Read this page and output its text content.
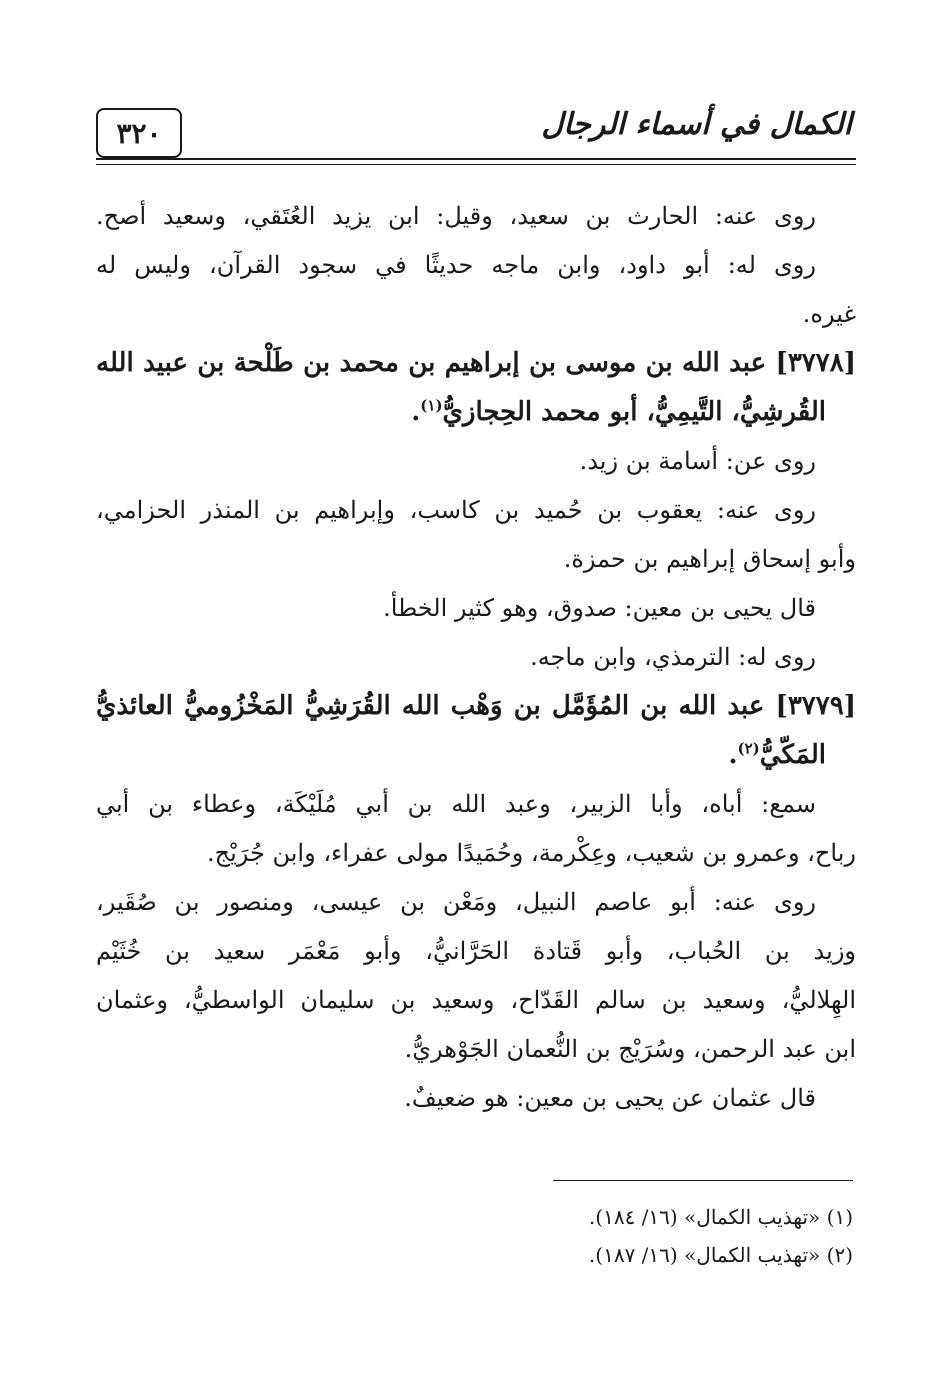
٣٢٠	الكمال في أسماء الرجال
روى عنه: الحارث بن سعيد، وقيل: ابن يزيد العُتَقي، وسعيد أصح.
روى له: أبو داود، وابن ماجه حديثًا في سجود القرآن، وليس له
غيره.
[٣٧٧٨] عبد الله بن موسى بن إبراهيم بن محمد بن طَلْحة بن عبيد الله
القُرشِيُّ، التَّيمِيُّ، أبو محمد الحِجازيُّ$^{(١)}$.
روى عن: أسامة بن زيد.
روى عنه: يعقوب بن حُميد بن كاسب، وإبراهيم بن المنذر الحزامي،
وأبو إسحاق إبراهيم بن حمزة.
قال يحيى بن معين: صدوق، وهو كثير الخطأ.
روى له: الترمذي، وابن ماجه.
[٣٧٧٩] عبد الله بن المُؤَمَّل بن وَهْب الله القُرَشِيُّ المَخْزُوميُّ العائذيُّ
المَكّيُّ$^{(٢)}$.
سمع: أباه، وأبا الزبير، وعبد الله بن أبي مُلَيْكَة، وعطاء بن أبي
رباح، وعمرو بن شعيب، وعِكْرمة، وحُمَيدًا مولى عفراء، وابن جُرَيْج.
روى عنه: أبو عاصم النبيل، ومَعْن بن عيسى، ومنصور بن صُقَير،
وزيد بن الحُباب، وأبو قَتادة الحَرَّانيُّ، وأبو مَعْمَر سعيد بن خُثَيْم
الهِلاليُّ، وسعيد بن سالم القَدّاح، وسعيد بن سليمان الواسطيُّ، وعثمان
ابن عبد الرحمن، وسُرَيْج بن النُّعمان الجَوْهريُّ.
قال عثمان عن يحيى بن معين: هو ضعيفٌ.
(١) «تهذيب الكمال» (١٦/ ١٨٤).
(٢) «تهذيب الكمال» (١٦/ ١٨٧).
